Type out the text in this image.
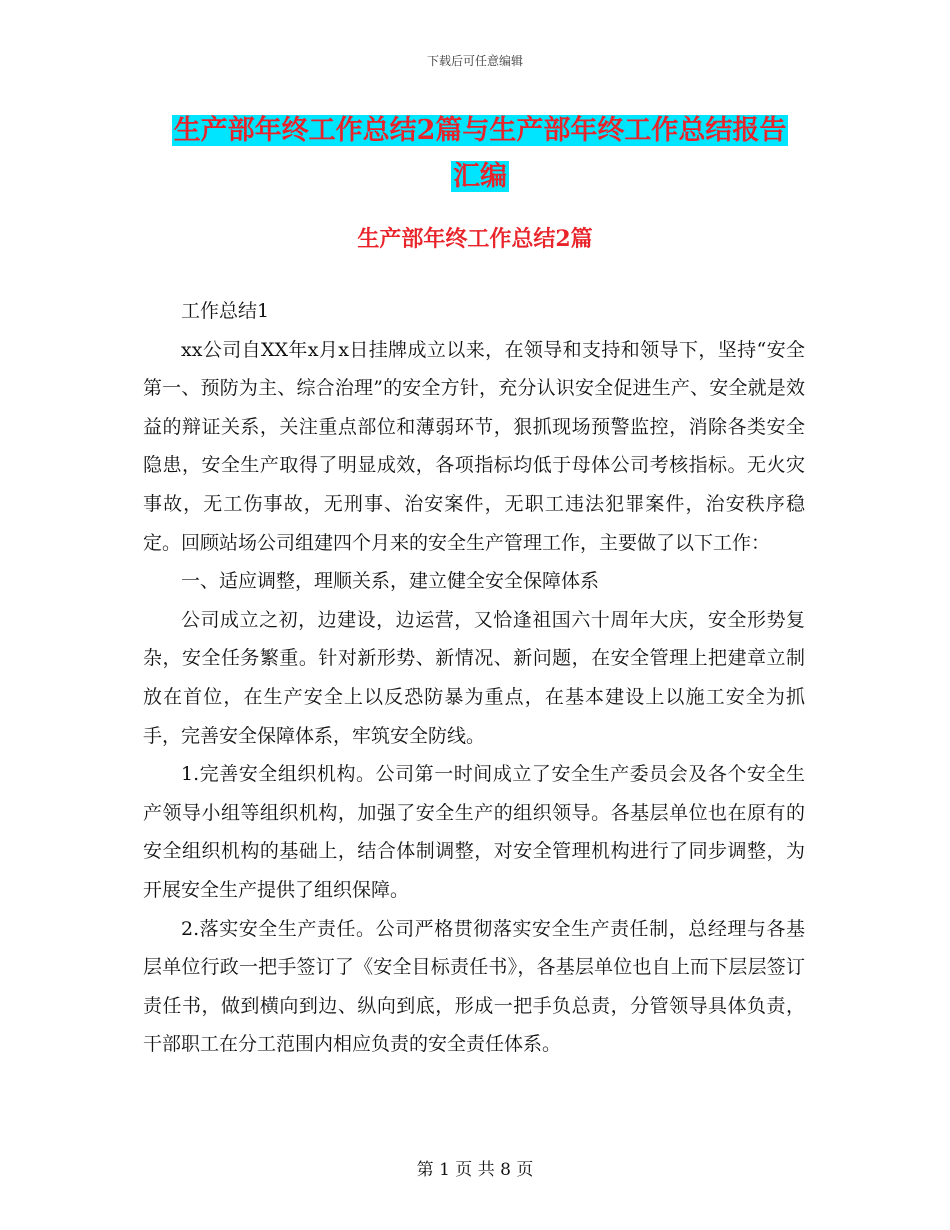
下载后可任意编辑
生产部年终工作总结2篇与生产部年终工作总结报告
汇编
生产部年终工作总结2篇

工作总结1

xx公司自XX年x月x日挂牌成立以来，在领导和支持和领导下，坚持“安全第一、预防为主、综合治理”的安全方针，充分认识安全促进生产、安全就是效益的辩证关系，关注重点部位和薄弱环节，狠抓现场预警监控，消除各类安全隐患，安全生产取得了明显成效，各项指标均低于母体公司考核指标。无火灾事故，无工伤事故，无刑事、治安案件，无职工违法犯罪案件，治安秩序稳定。回顾站场公司组建四个月来的安全生产管理工作，主要做了以下工作：

一、适应调整，理顺关系，建立健全安全保障体系

公司成立之初，边建设，边运营，又恰逢祖国六十周年大庆，安全形势复杂，安全任务繁重。针对新形势、新情况、新问题，在安全管理上把建章立制放在首位，在生产安全上以反恐防暴为重点，在基本建设上以施工安全为抓手，完善安全保障体系，牢筑安全防线。

1.完善安全组织机构。公司第一时间成立了安全生产委员会及各个安全生产领导小组等组织机构，加强了安全生产的组织领导。各基层单位也在原有的安全组织机构的基础上，结合体制调整，对安全管理机构进行了同步调整，为开展安全生产提供了组织保障。

2.落实安全生产责任。公司严格贯彻落实安全生产责任制，总经理与各基层单位行政一把手签订了《安全目标责任书》，各基层单位也自上而下层层签订责任书，做到横向到边、纵向到底，形成一把手负总责，分管领导具体负责，干部职工在分工范围内相应负责的安全责任体系。

第 1 页 共 8 页
